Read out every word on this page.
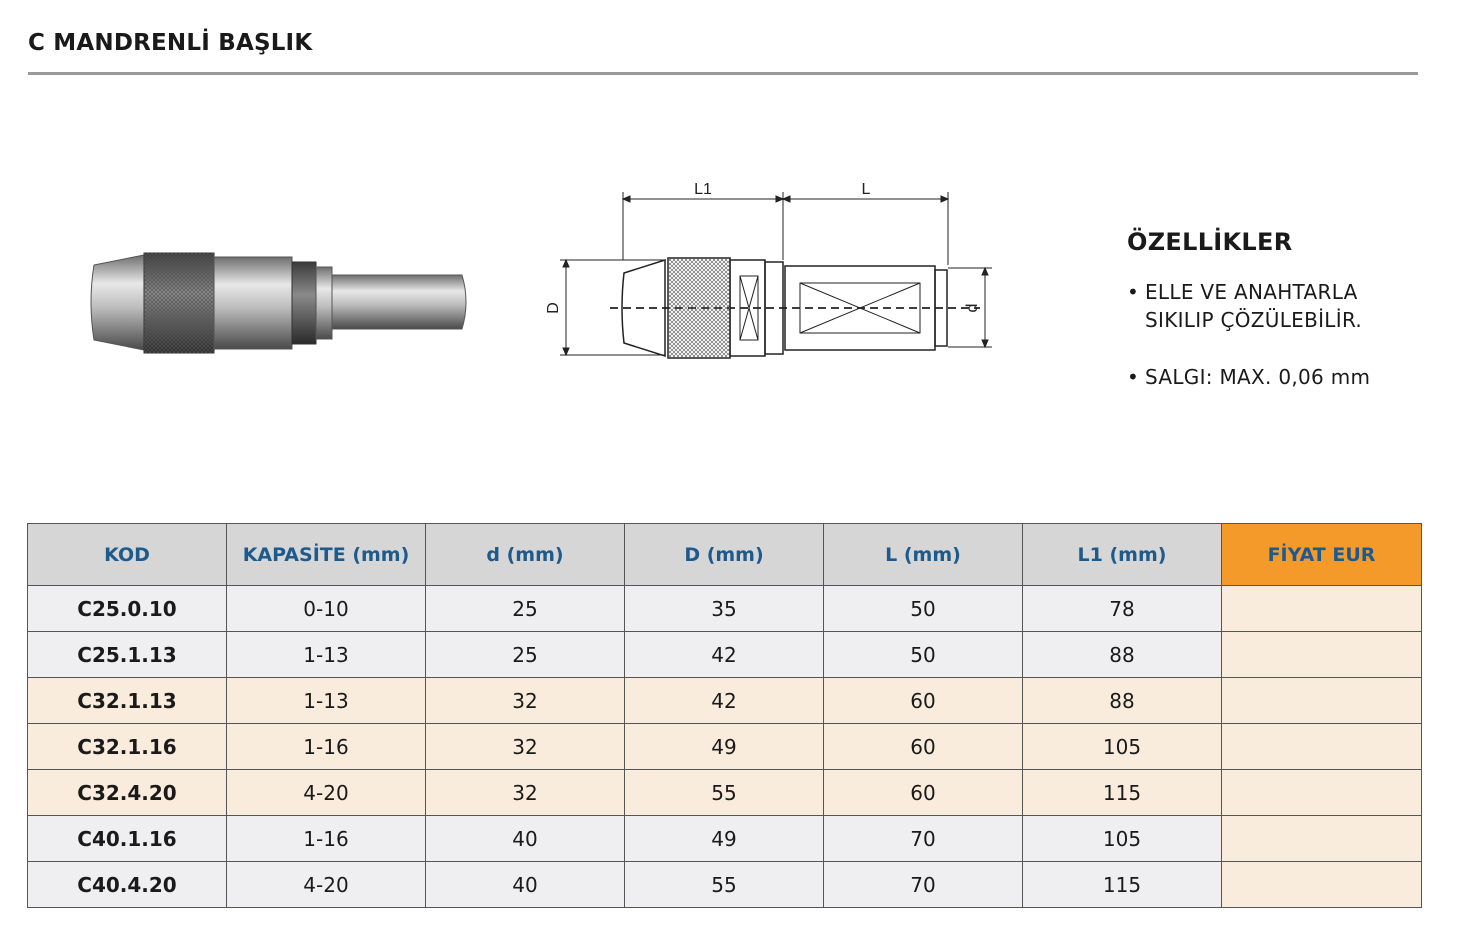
C MANDRENLİ BAŞLIK
L1	L
D	d
ÖZELLİKLER
• ELLE VE ANAHTARLA
SIKILIP ÇÖZÜLEBİLİR.
• SALGI: MAX. 0,06 mm
KOD	KAPASİTE (mm)	d (mm)	D (mm)	L (mm)	L1 (mm)	FİYAT EUR
C25.0.10	0-10	25	35	50	78	
C25.1.13	1-13	25	42	50	88	
C32.1.13	1-13	32	42	60	88	
C32.1.16	1-16	32	49	60	105	
C32.4.20	4-20	32	55	60	115	
C40.1.16	1-16	40	49	70	105	
C40.4.20	4-20	40	55	70	115	
